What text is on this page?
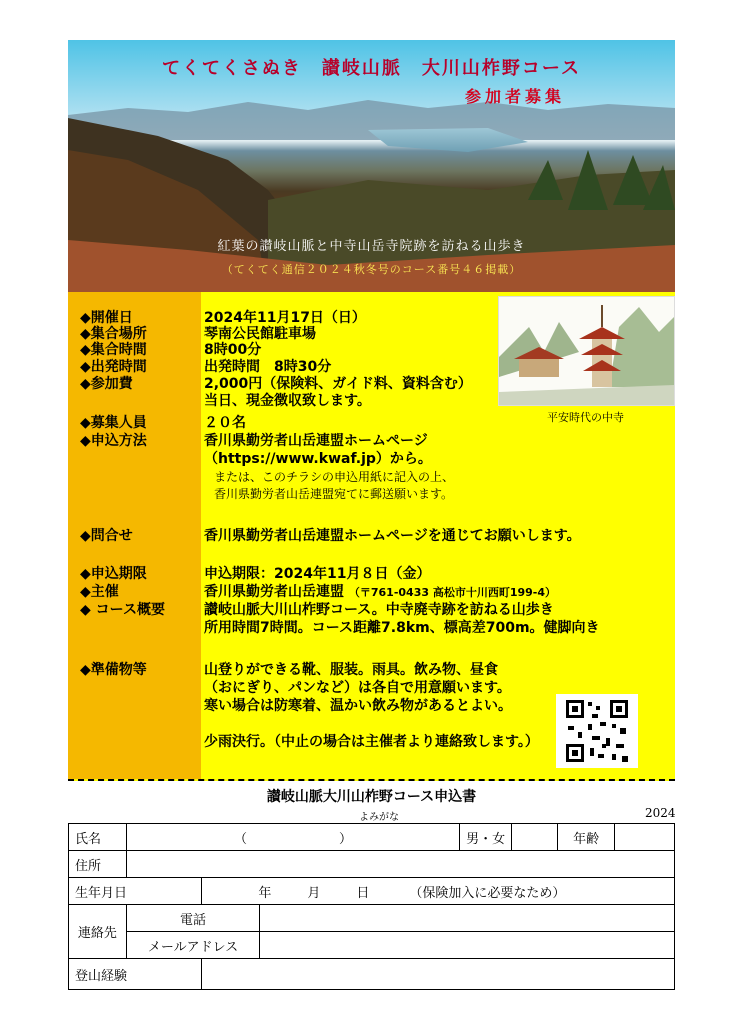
てくてくさぬき　讃岐山脈　大川山柞野コース
参加者募集
紅葉の讃岐山脈と中寺山岳寺院跡を訪ねる山歩き
（てくてく通信２０２４秋冬号のコース番号４６掲載）
◆開催日	2024年11月17日（日）
◆集合場所	琴南公民館駐車場
◆集合時間	8時00分
◆出発時間	出発時間　8時30分
◆参加費	2,000円（保険料、ガイド料、資料含む）
当日、現金徴収致します。
◆募集人員	２０名
◆申込方法	香川県勤労者山岳連盟ホームページ
（https://www.kwaf.jp）から。
または、このチラシの申込用紙に記入の上、
香川県勤労者山岳連盟宛てに郵送願います。
◆問合せ	香川県勤労者山岳連盟ホームページを通じてお願いします。
◆申込期限	申込期限：2024年11月８日（金）
◆主催	香川県勤労者山岳連盟 （〒761-0433 高松市十川西町199-4）
◆ コース概要	讃岐山脈大川山柞野コース。中寺廃寺跡を訪ねる山歩き
所用時間7時間。コース距離7.8km、標高差700m。健脚向き
◆準備物等	山登りができる靴、服装。雨具。飲み物、昼食
（おにぎり、パンなど）は各自で用意願います。
寒い場合は防寒着、温かい飲み物があるとよい。
少雨決行。（中止の場合は主催者より連絡致します。）
平安時代の中寺
讃岐山脈大川山柞野コース申込書
よみがな	2024
氏名	（ ）			男・女		年齢	
住所							
生年月日		年 月 日 （保険加入に必要なため）					
連絡先	電話						
	メールアドレス						
登山経験							
